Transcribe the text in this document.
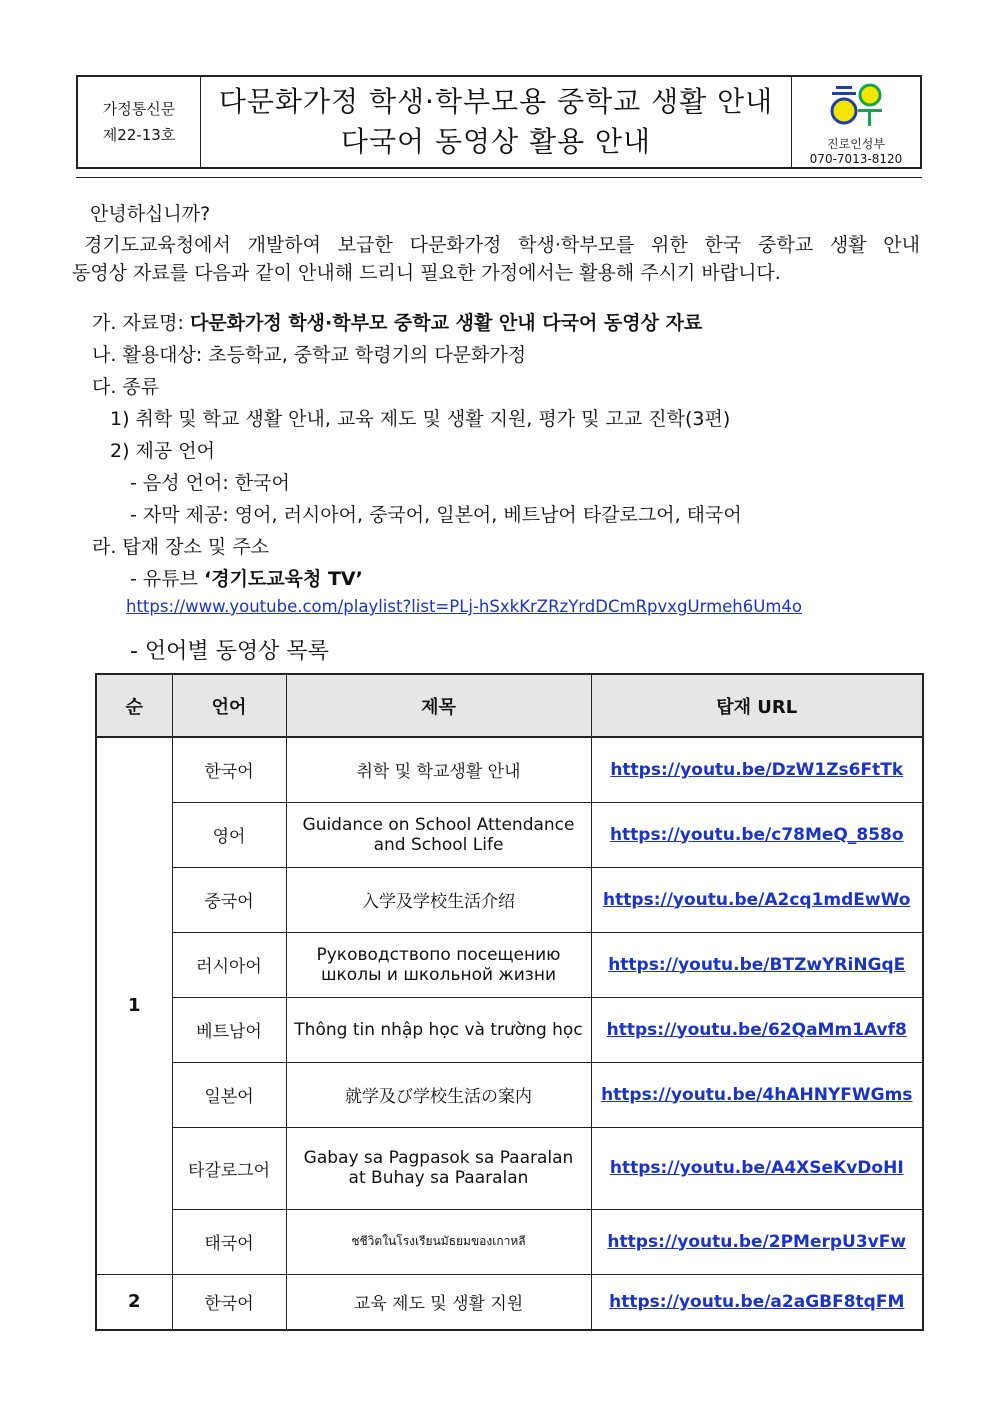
가정통신문
제22-13호
다문화가정 학생·학부모용 중학교 생활 안내
다국어 동영상 활용 안내	진로인성부
070-7013-8120
안녕하십니까?
경기도교육청에서 개발하여 보급한 다문화가정 학생·학부모를 위한 한국 중학교 생활 안내
동영상 자료를 다음과 같이 안내해 드리니 필요한 가정에서는 활용해 주시기 바랍니다.
가. 자료명: 다문화가정 학생·학부모 중학교 생활 안내 다국어 동영상 자료
나. 활용대상: 초등학교, 중학교 학령기의 다문화가정
다. 종류
1) 취학 및 학교 생활 안내, 교육 제도 및 생활 지원, 평가 및 고교 진학(3편)
2) 제공 언어
- 음성 언어: 한국어
- 자막 제공: 영어, 러시아어, 중국어, 일본어, 베트남어 타갈로그어, 태국어
라. 탑재 장소 및 주소
- 유튜브 ‘경기도교육청 TV’
https://www.youtube.com/playlist?list=PLj-hSxkKrZRzYrdDCmRpvxgUrmeh6Um4o
- 언어별 동영상 목록
순	언어	제목	탑재 URL
1	한국어	취학 및 학교생활 안내	https://youtu.be/DzW1Zs6FtTk
	영어	Guidance on School Attendance and School Life	https://youtu.be/c78MeQ_858o
	중국어	入学及学校生活介绍	https://youtu.be/A2cq1mdEwWo
	러시아어	Руководствопо посещению школы и школьной жизни	https://youtu.be/BTZwYRiNGqE
	베트남어	Thông tin nhập học và trường học	https://youtu.be/62QaMm1Avf8
	일본어	就学及び学校生活の案内	https://youtu.be/4hAHNYFWGms
	타갈로그어	Gabay sa Pagpasok sa Paaralan at Buhay sa Paaralan	https://youtu.be/A4XSeKvDoHI
	태국어	ชชีวิตในโรงเรียนมัธยมของเกาหลี	https://youtu.be/2PMerpU3vFw
2	한국어	교육 제도 및 생활 지원	https://youtu.be/a2aGBF8tqFM
